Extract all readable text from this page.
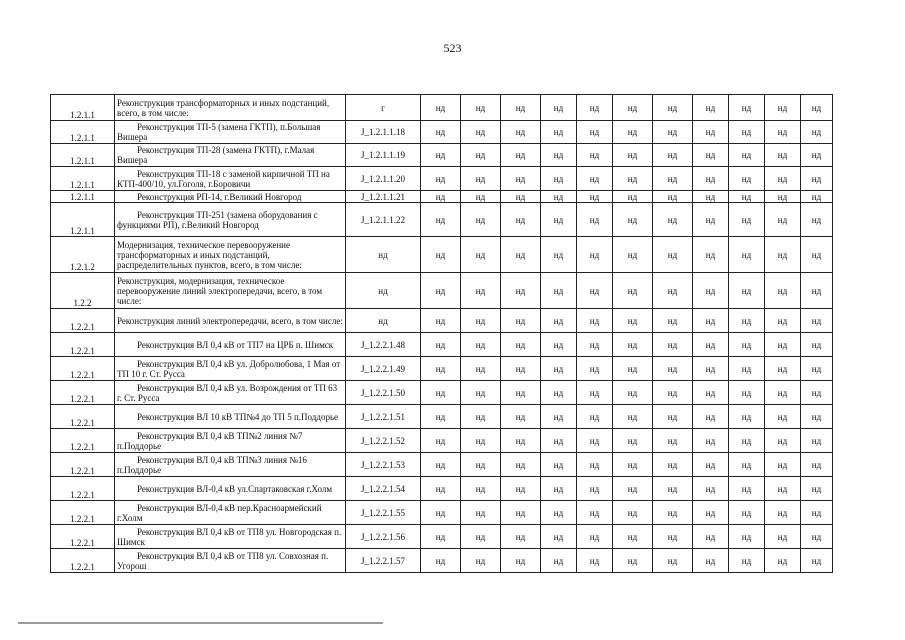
523
1.2.1.1	Реконструкция трансформаторных и иных подстанций, всего, в том числе:	г	нд	нд	нд	нд	нд	нд	нд	нд	нд	нд	нд
1.2.1.1	Реконструкция ТП-5 (замена ГКТП), п.Большая Вишера	J_1.2.1.1.18	нд	нд	нд	нд	нд	нд	нд	нд	нд	нд	нд
1.2.1.1	Реконструкция ТП-28 (замена ГКТП), г.Малая Вишера	J_1.2.1.1.19	нд	нд	нд	нд	нд	нд	нд	нд	нд	нд	нд
1.2.1.1	Реконструкция ТП-18 с заменой кирпичной ТП на КТП-400/10, ул.Гоголя, г.Боровичи	J_1.2.1.1.20	нд	нд	нд	нд	нд	нд	нд	нд	нд	нд	нд
1.2.1.1	Реконструкция РП-14, г.Великий Новгород	J_1.2.1.1.21	нд	нд	нд	нд	нд	нд	нд	нд	нд	нд	нд
1.2.1.1	Реконструкция ТП-251 (замена оборудования с функциями РП), г.Великий Новгород	J_1.2.1.1.22	нд	нд	нд	нд	нд	нд	нд	нд	нд	нд	нд
1.2.1.2	Модернизация, техническое перевооружение трансформаторных и иных подстанций, распределительных пунктов, всего, в том числе:	нд	нд	нд	нд	нд	нд	нд	нд	нд	нд	нд	нд
1.2.2	Реконструкция, модернизация, техническое перевооружение линий электропередачи, всего, в том числе:	нд	нд	нд	нд	нд	нд	нд	нд	нд	нд	нд	нд
1.2.2.1	Реконструкция линий электропередачи, всего, в том числе:	нд	нд	нд	нд	нд	нд	нд	нд	нд	нд	нд	нд
1.2.2.1	Реконструкция ВЛ 0,4 кВ от ТП7 на ЦРБ п. Шимск	J_1.2.2.1.48	нд	нд	нд	нд	нд	нд	нд	нд	нд	нд	нд
1.2.2.1	Реконструкция ВЛ 0,4 кВ ул. Добролюбова, 1 Мая от ТП 10 г. Ст. Русса	J_1.2.2.1.49	нд	нд	нд	нд	нд	нд	нд	нд	нд	нд	нд
1.2.2.1	Реконструкция ВЛ 0,4 кВ ул. Возрождения от ТП 63 г. Ст. Русса	J_1.2.2.1.50	нд	нд	нд	нд	нд	нд	нд	нд	нд	нд	нд
1.2.2.1	Реконструкция ВЛ 10 кВ ТП№4 до ТП 5 п.Поддорье	J_1.2.2.1.51	нд	нд	нд	нд	нд	нд	нд	нд	нд	нд	нд
1.2.2.1	Реконструкция ВЛ 0,4 кВ ТП№2 линия №7 п.Поддорье	J_1.2.2.1.52	нд	нд	нд	нд	нд	нд	нд	нд	нд	нд	нд
1.2.2.1	Реконструкция ВЛ 0,4 кВ ТП№3 линия №16 п.Поддорье	J_1.2.2.1.53	нд	нд	нд	нд	нд	нд	нд	нд	нд	нд	нд
1.2.2.1	Реконструкция ВЛ-0,4 кВ ул.Спартаковская г.Холм	J_1.2.2.1.54	нд	нд	нд	нд	нд	нд	нд	нд	нд	нд	нд
1.2.2.1	Реконструкция ВЛ-0,4 кВ пер.Красноармейский г.Холм	J_1.2.2.1.55	нд	нд	нд	нд	нд	нд	нд	нд	нд	нд	нд
1.2.2.1	Реконструкция ВЛ 0,4 кВ от ТП8 ул. Новгородская п. Шимск	J_1.2.2.1.56	нд	нд	нд	нд	нд	нд	нд	нд	нд	нд	нд
1.2.2.1	Реконструкция ВЛ 0,4 кВ от ТП8 ул. Совхозная п. Угорош	J_1.2.2.1.57	нд	нд	нд	нд	нд	нд	нд	нд	нд	нд	нд
